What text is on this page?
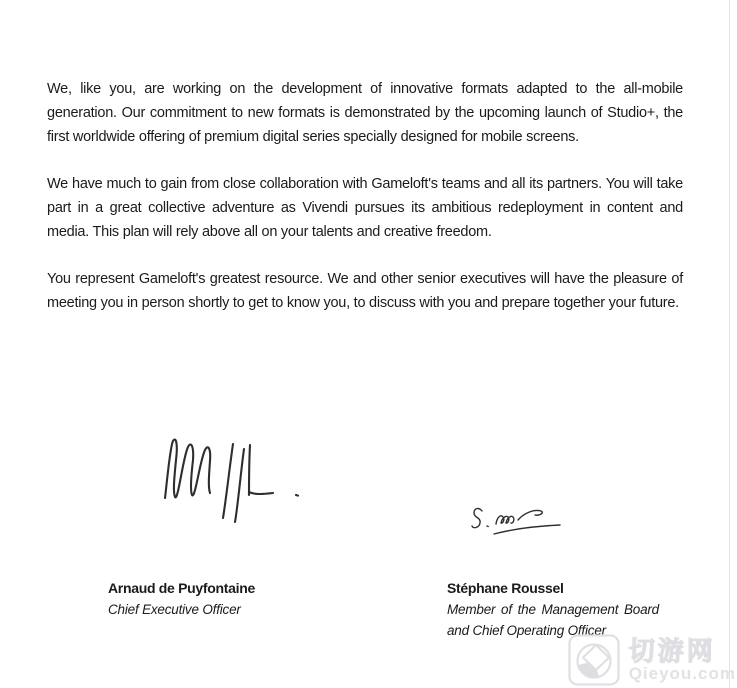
We, like you, are working on the development of innovative formats adapted to the all-mobile generation. Our commitment to new formats is demonstrated by the upcoming launch of Studio+, the first worldwide offering of premium digital series specially designed for mobile screens.

We have much to gain from close collaboration with Gameloft's teams and all its partners. You will take part in a great collective adventure as Vivendi pursues its ambitious redeployment in content and media. This plan will rely above all on your talents and creative freedom.

You represent Gameloft's greatest resource. We and other senior executives will have the pleasure of meeting you in person shortly to get to know you, to discuss with you and prepare together your future.

Arnaud de Puyfontaine
Chief Executive Officer
Stéphane Roussel
Member of the Management Board
and Chief Operating Officer
切游网
Qieyou.com
